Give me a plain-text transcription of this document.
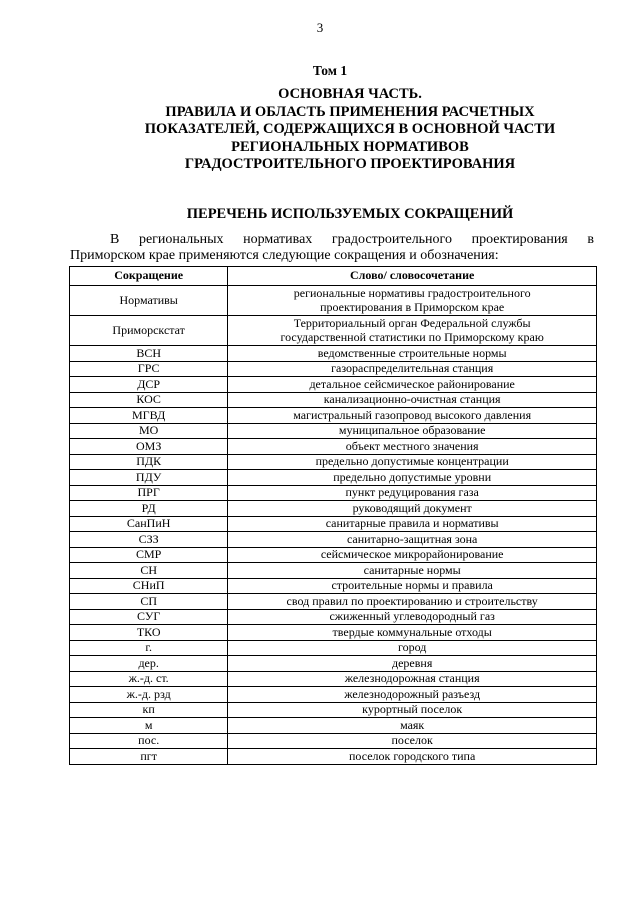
3
Том 1
ОСНОВНАЯ ЧАСТЬ.
ПРАВИЛА И ОБЛАСТЬ ПРИМЕНЕНИЯ РАСЧЕТНЫХ
ПОКАЗАТЕЛЕЙ, СОДЕРЖАЩИХСЯ В ОСНОВНОЙ ЧАСТИ
РЕГИОНАЛЬНЫХ НОРМАТИВОВ
ГРАДОСТРОИТЕЛЬНОГО ПРОЕКТИРОВАНИЯ
ПЕРЕЧЕНЬ ИСПОЛЬЗУЕМЫХ СОКРАЩЕНИЙ
В региональных нормативах градостроительного проектирования в
Приморском крае применяются следующие сокращения и обозначения:
Сокращение	Слово/ словосочетание
Нормативы	региональные нормативы градостроительного
проектирования в Приморском крае
Приморскстат	Территориальный орган Федеральной службы
государственной статистики по Приморскому краю
ВСН	ведомственные строительные нормы
ГРС	газораспределительная станция
ДСР	детальное сейсмическое районирование
КОС	канализационно-очистная станция
МГВД	магистральный газопровод высокого давления
МО	муниципальное образование
ОМЗ	объект местного значения
ПДК	предельно допустимые концентрации
ПДУ	предельно допустимые уровни
ПРГ	пункт редуцирования газа
РД	руководящий документ
СанПиН	санитарные правила и нормативы
СЗЗ	санитарно-защитная зона
СМР	сейсмическое микрорайонирование
СН	санитарные нормы
СНиП	строительные нормы и правила
СП	свод правил по проектированию и строительству
СУГ	сжиженный углеводородный газ
ТКО	твердые коммунальные отходы
г.	город
дер.	деревня
ж.-д. ст.	железнодорожная станция
ж.-д. рзд	железнодорожный разъезд
кп	курортный поселок
м	маяк
пос.	поселок
пгт	поселок городского типа
